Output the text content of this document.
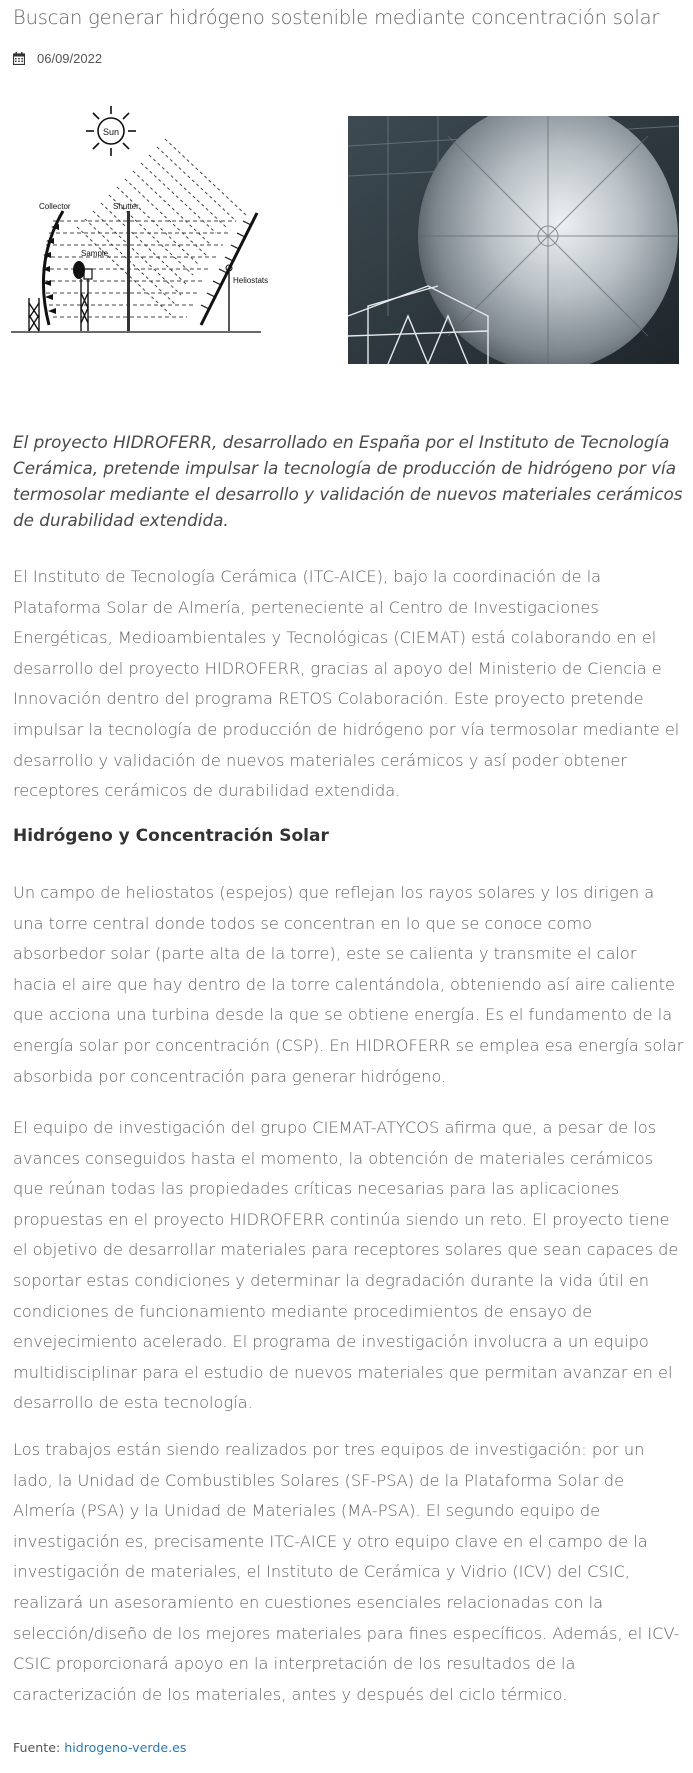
Buscan generar hidrógeno sostenible mediante concentración solar
06/09/2022
Sun
Collector	Shutter
Sample
Heliostats

El proyecto HIDROFERR, desarrollado en España por el Instituto de Tecnología Cerámica, pretende impulsar la tecnología de producción de hidrógeno por vía termosolar mediante el desarrollo y validación de nuevos materiales cerámicos de durabilidad extendida.

El Instituto de Tecnología Cerámica (ITC-AICE), bajo la coordinación de la Plataforma Solar de Almería, perteneciente al Centro de Investigaciones Energéticas, Medioambientales y Tecnológicas (CIEMAT) está colaborando en el desarrollo del proyecto HIDROFERR, gracias al apoyo del Ministerio de Ciencia e Innovación dentro del programa RETOS Colaboración. Este proyecto pretende impulsar la tecnología de producción de hidrógeno por vía termosolar mediante el desarrollo y validación de nuevos materiales cerámicos y así poder obtener receptores cerámicos de durabilidad extendida.

Hidrógeno y Concentración Solar

Un campo de heliostatos (espejos) que reflejan los rayos solares y los dirigen a una torre central donde todos se concentran en lo que se conoce como absorbedor solar (parte alta de la torre), este se calienta y transmite el calor hacia el aire que hay dentro de la torre calentándola, obteniendo así aire caliente que acciona una turbina desde la que se obtiene energía. Es el fundamento de la energía solar por concentración (CSP). En HIDROFERR se emplea esa energía solar absorbida por concentración para generar hidrógeno.

El equipo de investigación del grupo CIEMAT-ATYCOS afirma que, a pesar de los avances conseguidos hasta el momento, la obtención de materiales cerámicos que reúnan todas las propiedades críticas necesarias para las aplicaciones propuestas en el proyecto HIDROFERR continúa siendo un reto. El proyecto tiene el objetivo de desarrollar materiales para receptores solares que sean capaces de soportar estas condiciones y determinar la degradación durante la vida útil en condiciones de funcionamiento mediante procedimientos de ensayo de envejecimiento acelerado. El programa de investigación involucra a un equipo multidisciplinar para el estudio de nuevos materiales que permitan avanzar en el desarrollo de esta tecnología.

Los trabajos están siendo realizados por tres equipos de investigación: por un lado, la Unidad de Combustibles Solares (SF-PSA) de la Plataforma Solar de Almería (PSA) y la Unidad de Materiales (MA-PSA). El segundo equipo de investigación es, precisamente ITC-AICE y otro equipo clave en el campo de la investigación de materiales, el Instituto de Cerámica y Vidrio (ICV) del CSIC, realizará un asesoramiento en cuestiones esenciales relacionadas con la selección/diseño de los mejores materiales para fines específicos. Además, el ICV-CSIC proporcionará apoyo en la interpretación de los resultados de la caracterización de los materiales, antes y después del ciclo térmico.

Fuente: hidrogeno-verde.es
